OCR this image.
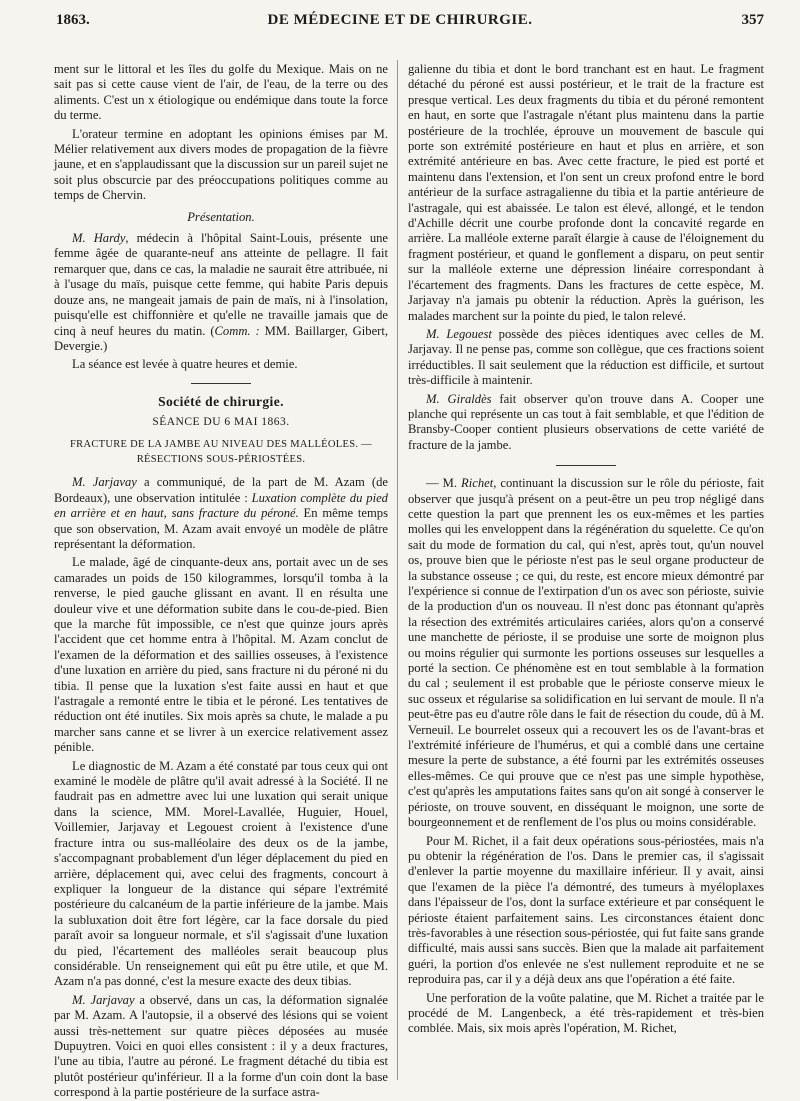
1863.	DE MÉDECINE ET DE CHIRURGIE.	357

ment sur le littoral et les îles du golfe du Mexique. Mais on ne sait pas si cette cause vient de l'air, de l'eau, de la terre ou des aliments. C'est un x étiologique ou endémique dans toute la force du terme.

L'orateur termine en adoptant les opinions émises par M. Mélier relativement aux divers modes de propagation de la fièvre jaune, et en s'applaudissant que la discussion sur un pareil sujet ne soit plus obscurcie par des préoccupations politiques comme au temps de Chervin.

Présentation.

M. Hardy, médecin à l'hôpital Saint-Louis, présente une femme âgée de quarante-neuf ans atteinte de pellagre. Il fait remarquer que, dans ce cas, la maladie ne saurait être attribuée, ni à l'usage du maïs, puisque cette femme, qui habite Paris depuis douze ans, ne mangeait jamais de pain de maïs, ni à l'insolation, puisqu'elle est chiffonnière et qu'elle ne travaille jamais que de cinq à neuf heures du matin. (Comm. : MM. Baillarger, Gibert, Devergie.)

La séance est levée à quatre heures et demie.

Société de chirurgie.

SÉANCE DU 6 MAI 1863.

FRACTURE DE LA JAMBE AU NIVEAU DES MALLÉOLES. — RÉSECTIONS SOUS-PÉRIOSTÉES.

M. Jarjavay a communiqué, de la part de M. Azam (de Bordeaux), une observation intitulée : Luxation complète du pied en arrière et en haut, sans fracture du péroné. En même temps que son observation, M. Azam avait envoyé un modèle de plâtre représentant la déformation.

Le malade, âgé de cinquante-deux ans, portait avec un de ses camarades un poids de 150 kilogrammes, lorsqu'il tomba à la renverse, le pied gauche glissant en avant. Il en résulta une douleur vive et une déformation subite dans le cou-de-pied. Bien que la marche fût impossible, ce n'est que quinze jours après l'accident que cet homme entra à l'hôpital. M. Azam conclut de l'examen de la déformation et des saillies osseuses, à l'existence d'une luxation en arrière du pied, sans fracture ni du péroné ni du tibia. Il pense que la luxation s'est faite aussi en haut et que l'astragale a remonté entre le tibia et le péroné. Les tentatives de réduction ont été inutiles. Six mois après sa chute, le malade a pu marcher sans canne et se livrer à un exercice relativement assez pénible.

Le diagnostic de M. Azam a été constaté par tous ceux qui ont examiné le modèle de plâtre qu'il avait adressé à la Société. Il ne faudrait pas en admettre avec lui une luxation qui serait unique dans la science, MM. Morel-Lavallée, Huguier, Houel, Voillemier, Jarjavay et Legouest croient à l'existence d'une fracture intra ou sus-malléolaire des deux os de la jambe, s'accompagnant probablement d'un léger déplacement du pied en arrière, déplacement qui, avec celui des fragments, concourt à expliquer la longueur de la distance qui sépare l'extrémité postérieure du calcanéum de la partie inférieure de la jambe. Mais la subluxation doit être fort légère, car la face dorsale du pied paraît avoir sa longueur normale, et s'il s'agissait d'une luxation du pied, l'écartement des malléoles serait beaucoup plus considérable. Un renseignement qui eût pu être utile, et que M. Azam n'a pas donné, c'est la mesure exacte des deux tibias.

M. Jarjavay a observé, dans un cas, la déformation signalée par M. Azam. A l'autopsie, il a observé des lésions qui se voient aussi très-nettement sur quatre pièces déposées au musée Dupuytren. Voici en quoi elles consistent : il y a deux fractures, l'une au tibia, l'autre au péroné. Le fragment détaché du tibia est plutôt postérieur qu'inférieur. Il a la forme d'un coin dont la base correspond à la partie postérieure de la surface astra-

galienne du tibia et dont le bord tranchant est en haut. Le fragment détaché du péroné est aussi postérieur, et le trait de la fracture est presque vertical. Les deux fragments du tibia et du péroné remontent en haut, en sorte que l'astragale n'étant plus maintenu dans la partie postérieure de la trochlée, éprouve un mouvement de bascule qui porte son extrémité postérieure en haut et plus en arrière, et son extrémité antérieure en bas. Avec cette fracture, le pied est porté et maintenu dans l'extension, et l'on sent un creux profond entre le bord antérieur de la surface astragalienne du tibia et la partie antérieure de l'astragale, qui est abaissée. Le talon est élevé, allongé, et le tendon d'Achille décrit une courbe profonde dont la concavité regarde en arrière. La malléole externe paraît élargie à cause de l'éloignement du fragment postérieur, et quand le gonflement a disparu, on peut sentir sur la malléole externe une dépression linéaire correspondant à l'écartement des fragments. Dans les fractures de cette espèce, M. Jarjavay n'a jamais pu obtenir la réduction. Après la guérison, les malades marchent sur la pointe du pied, le talon relevé.

M. Legouest possède des pièces identiques avec celles de M. Jarjavay. Il ne pense pas, comme son collègue, que ces fractions soient irréductibles. Il sait seulement que la réduction est difficile, et surtout très-difficile à maintenir.

M. Giraldès fait observer qu'on trouve dans A. Cooper une planche qui représente un cas tout à fait semblable, et que l'édition de Bransby-Cooper contient plusieurs observations de cette variété de fracture de la jambe.

— M. Richet, continuant la discussion sur le rôle du périoste, fait observer que jusqu'à présent on a peut-être un peu trop négligé dans cette question la part que prennent les os eux-mêmes et les parties molles qui les enveloppent dans la régénération du squelette. Ce qu'on sait du mode de formation du cal, qui n'est, après tout, qu'un nouvel os, prouve bien que le périoste n'est pas le seul organe producteur de la substance osseuse ; ce qui, du reste, est encore mieux démontré par l'expérience si connue de l'extirpation d'un os avec son périoste, suivie de la production d'un os nouveau. Il n'est donc pas étonnant qu'après la résection des extrémités articulaires cariées, alors qu'on a conservé une manchette de périoste, il se produise une sorte de moignon plus ou moins régulier qui surmonte les portions osseuses sur lesquelles a porté la section. Ce phénomène est en tout semblable à la formation du cal ; seulement il est probable que le périoste conserve mieux le suc osseux et régularise sa solidification en lui servant de moule. Il n'a peut-être pas eu d'autre rôle dans le fait de résection du coude, dû à M. Verneuil. Le bourrelet osseux qui a recouvert les os de l'avant-bras et l'extrémité inférieure de l'humérus, et qui a comblé dans une certaine mesure la perte de substance, a été fourni par les extrémités osseuses elles-mêmes. Ce qui prouve que ce n'est pas une simple hypothèse, c'est qu'après les amputations faites sans qu'on ait songé à conserver le périoste, on trouve souvent, en disséquant le moignon, une sorte de bourgeonnement et de renflement de l'os plus ou moins considérable.

Pour M. Richet, il a fait deux opérations sous-périostées, mais n'a pu obtenir la régénération de l'os. Dans le premier cas, il s'agissait d'enlever la partie moyenne du maxillaire inférieur. Il y avait, ainsi que l'examen de la pièce l'a démontré, des tumeurs à myéloplaxes dans l'épaisseur de l'os, dont la surface extérieure et par conséquent le périoste étaient parfaitement sains. Les circonstances étaient donc très-favorables à une résection sous-périostée, qui fut faite sans grande difficulté, mais aussi sans succès. Bien que la malade ait parfaitement guéri, la portion d'os enlevée ne s'est nullement reproduite et ne se reproduira pas, car il y a déjà deux ans que l'opération a été faite.

Une perforation de la voûte palatine, que M. Richet a traitée par le procédé de M. Langenbeck, a été très-rapidement et très-bien comblée. Mais, six mois après l'opération, M. Richet,
